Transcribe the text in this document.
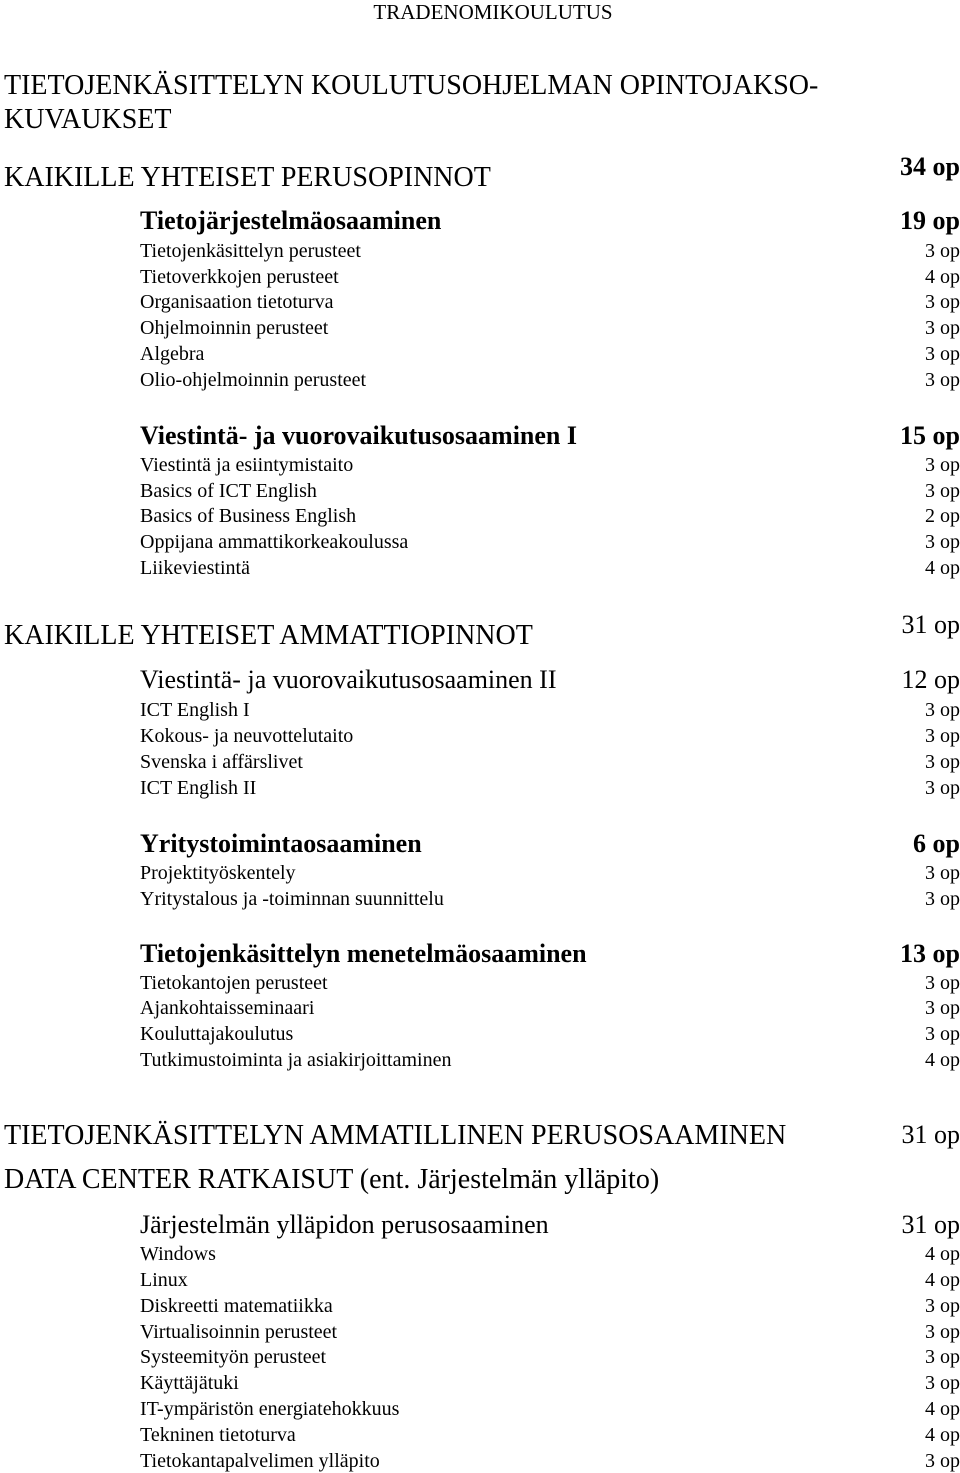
TRADENOMIKOULUTUS
TIETOJENKÄSITTELYN KOULUTUSOHJELMAN OPINTOJAKSO-
KUVAUKSET
KAIKILLE YHTEISET PERUSOPINNOT	34 op
Tietojärjestelmäosaaminen	19 op
Tietojenkäsittelyn perusteet	3 op
Tietoverkkojen perusteet	4 op
Organisaation tietoturva	3 op
Ohjelmoinnin perusteet	3 op
Algebra	3 op
Olio-ohjelmoinnin perusteet	3 op
Viestintä- ja vuorovaikutusosaaminen I	15 op
Viestintä ja esiintymistaito	3 op
Basics of ICT English	3 op
Basics of Business English	2 op
Oppijana ammattikorkeakoulussa	3 op
Liikeviestintä	4 op
KAIKILLE YHTEISET AMMATTIOPINNOT	31 op
Viestintä- ja vuorovaikutusosaaminen II	12 op
ICT English I	3 op
Kokous- ja neuvottelutaito	3 op
Svenska i affärslivet	3 op
ICT English II	3 op
Yritystoimintaosaaminen	6 op
Projektityöskentely	3 op
Yritystalous ja -toiminnan suunnittelu	3 op
Tietojenkäsittelyn menetelmäosaaminen	13 op
Tietokantojen perusteet	3 op
Ajankohtaisseminaari	3 op
Kouluttajakoulutus	3 op
Tutkimustoiminta ja asiakirjoittaminen	4 op
TIETOJENKÄSITTELYN AMMATILLINEN PERUSOSAAMINEN	31 op
DATA CENTER RATKAISUT (ent. Järjestelmän ylläpito)
Järjestelmän ylläpidon perusosaaminen	31 op
Windows	4 op
Linux	4 op
Diskreetti matematiikka	3 op
Virtualisoinnin perusteet	3 op
Systeemityön perusteet	3 op
Käyttäjätuki	3 op
IT-ympäristön energiatehokkuus	4 op
Tekninen tietoturva	4 op
Tietokantapalvelimen ylläpito	3 op
